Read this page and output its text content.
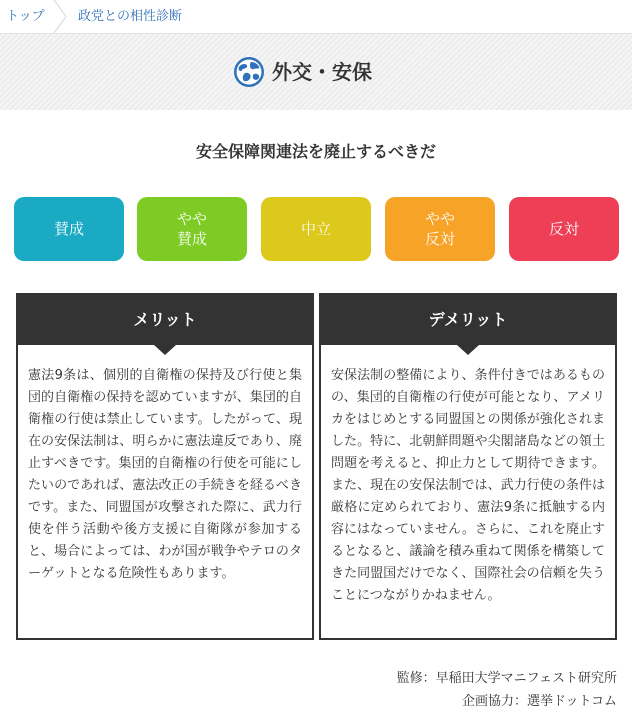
トップ	政党との相性診断
外交・安保
安全保障関連法を廃止するべきだ
賛成
やや
賛成
中立
やや
反対
反対
メリット

憲法9条は、個別的自衛権の保持及び行使と集団的自衛権の保持を認めていますが、集団的自衛権の行使は禁止しています。したがって、現在の安保法制は、明らかに憲法違反であり、廃止すべきです。集団的自衛権の行使を可能にしたいのであれば、憲法改正の手続きを経るべきです。また、同盟国が攻撃された際に、武力行使を伴う活動や後方支援に自衛隊が参加すると、場合によっては、わが国が戦争やテロのターゲットとなる危険性もあります。

デメリット

安保法制の整備により、条件付きではあるものの、集団的自衛権の行使が可能となり、アメリカをはじめとする同盟国との関係が強化されました。特に、北朝鮮問題や尖閣諸島などの領土問題を考えると、抑止力として期待できます。また、現在の安保法制では、武力行使の条件は厳格に定められており、憲法9条に抵触する内容にはなっていません。さらに、これを廃止するとなると、議論を積み重ねて関係を構築してきた同盟国だけでなく、国際社会の信頼を失うことにつながりかねません。

監修：早稲田大学マニフェスト研究所

企画協力：選挙ドットコム
